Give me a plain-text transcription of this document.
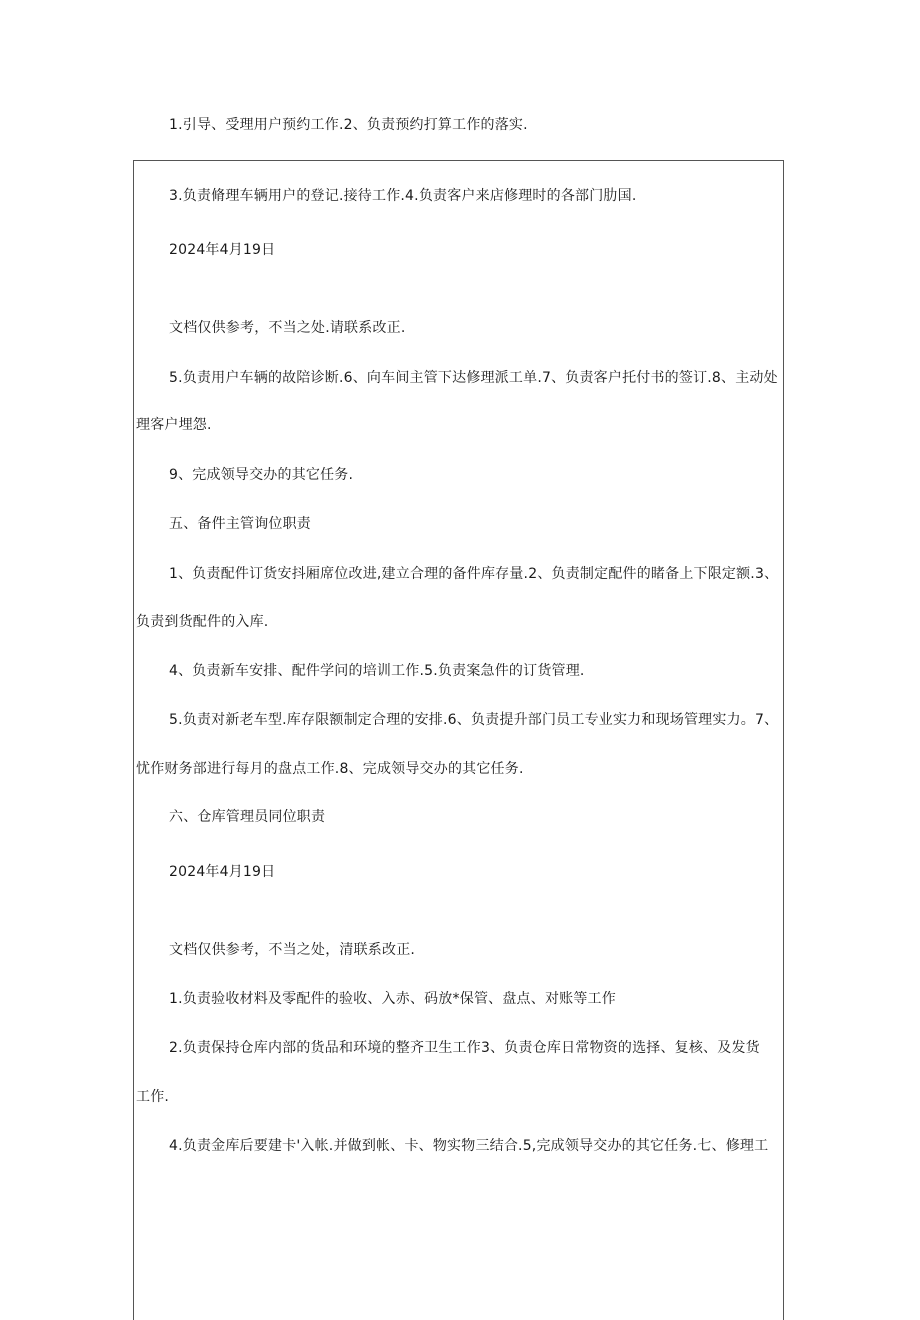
1.引导、受理用户预约工作.2、负责预约打算工作的落实.
3.负责脩理车辆用户的登记.接待工作.4.负责客户来店修理时的各部门肋国.
2024年4月19日
文档仅供参考，不当之处.请联系改正.
5.负责用户车辆的故陪诊断.6、向车间主管下达修理派工单.7、负责客户托付书的签订.8、主动处
理客户埋怨.
9、完成领导交办的其它任务.
五、备件主管询位职责
1、负责配件订货安抖厢席位改进,建立合理的备件库存量.2、负责制定配件的睹备上下限定额.3、
负责到货配件的入库.
4、负责新车安排、配件学问的培训工作.5.负责案急件的订货管理.
5.负责对新老车型.库存限额制定合理的安排.6、负责提升部门员工专业实力和现场管理实力。7、
忧作财务部进行每月的盘点工作.8、完成领导交办的其它任务.
六、仓库管理员同位职责
2024年4月19日
文档仅供参考，不当之处，清联系改正.
1.负责验收材料及零配件的验收、入赤、码放*保管、盘点、对账等工作
2.负责保持仓库内部的货品和环境的整齐卫生工作3、负责仓库日常物资的选择、复核、及发货
工作.
4.负责金库后要建卡'入帐.并做到帐、卡、物实物三结合.5,完成领导交办的其它任务.七、修理工
